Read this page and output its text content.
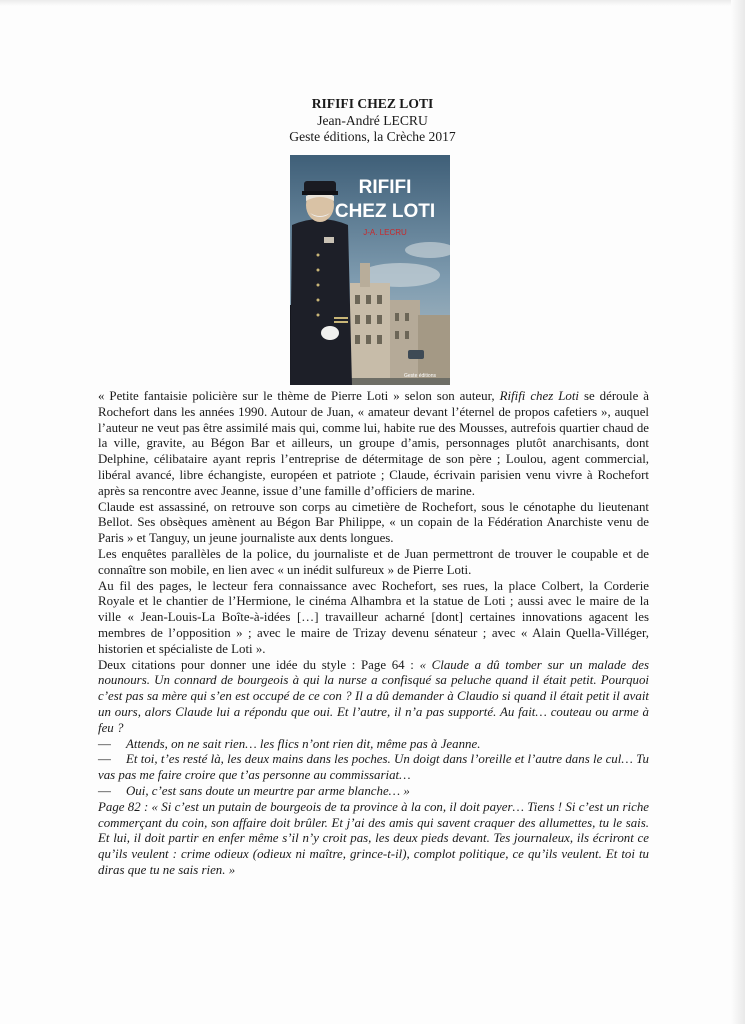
RIFIFI CHEZ LOTI
Jean-André LECRU
Geste éditions, la Crèche 2017
RIFIFI
CHEZ LOTI
J-A. LECRU
Geste éditions

« Petite fantaisie policière sur le thème de Pierre Loti » selon son auteur, Rififi chez Loti se déroule à Rochefort dans les années 1990. Autour de Juan, « amateur devant l’éternel de propos cafetiers », auquel l’auteur ne veut pas être assimilé mais qui, comme lui, habite rue des Mousses, autrefois quartier chaud de la ville, gravite, au Bégon Bar et ailleurs, un groupe d’amis, personnages plutôt anarchisants, dont Delphine, célibataire ayant repris l’entreprise de détermitage de son père ; Loulou, agent commercial, libéral avancé, libre échangiste, européen et patriote ; Claude, écrivain parisien venu vivre à Rochefort après sa rencontre avec Jeanne, issue d’une famille d’officiers de marine.

Claude est assassiné, on retrouve son corps au cimetière de Rochefort, sous le cénotaphe du lieutenant Bellot. Ses obsèques amènent au Bégon Bar Philippe, « un copain de la Fédération Anarchiste venu de Paris » et Tanguy, un jeune journaliste aux dents longues.

Les enquêtes parallèles de la police, du journaliste et de Juan permettront de trouver le coupable et de connaître son mobile, en lien avec « un inédit sulfureux » de Pierre Loti.

Au fil des pages, le lecteur fera connaissance avec Rochefort, ses rues, la place Colbert, la Corderie Royale et le chantier de l’Hermione, le cinéma Alhambra et la statue de Loti ; aussi avec le maire de la ville « Jean-Louis-La Boîte-à-idées […] travailleur acharné [dont] certaines innovations agacent les membres de l’opposition » ; avec le maire de Trizay devenu sénateur ; avec « Alain Quella-Villéger, historien et spécialiste de Loti ».

Deux citations pour donner une idée du style : Page 64 : « Claude a dû tomber sur un malade des nounours. Un connard de bourgeois à qui la nurse a confisqué sa peluche quand il était petit. Pourquoi c’est pas sa mère qui s’en est occupé de ce con ? Il a dû demander à Claudio si quand il était petit il avait un ours, alors Claude lui a répondu que oui. Et l’autre, il n’a pas supporté. Au fait… couteau ou arme à feu ?

— Attends, on ne sait rien… les flics n’ont rien dit, même pas à Jeanne.

— Et toi, t’es resté là, les deux mains dans les poches. Un doigt dans l’oreille et l’autre dans le cul… Tu vas pas me faire croire que t’as personne au commissariat…

— Oui, c’est sans doute un meurtre par arme blanche… »

Page 82 : « Si c’est un putain de bourgeois de ta province à la con, il doit payer… Tiens ! Si c’est un riche commerçant du coin, son affaire doit brûler. Et j’ai des amis qui savent craquer des allumettes, tu le sais. Et lui, il doit partir en enfer même s’il n’y croit pas, les deux pieds devant. Tes journaleux, ils écriront ce qu’ils veulent : crime odieux (odieux ni maître, grince-t-il), complot politique, ce qu’ils veulent. Et toi tu diras que tu ne sais rien. »
